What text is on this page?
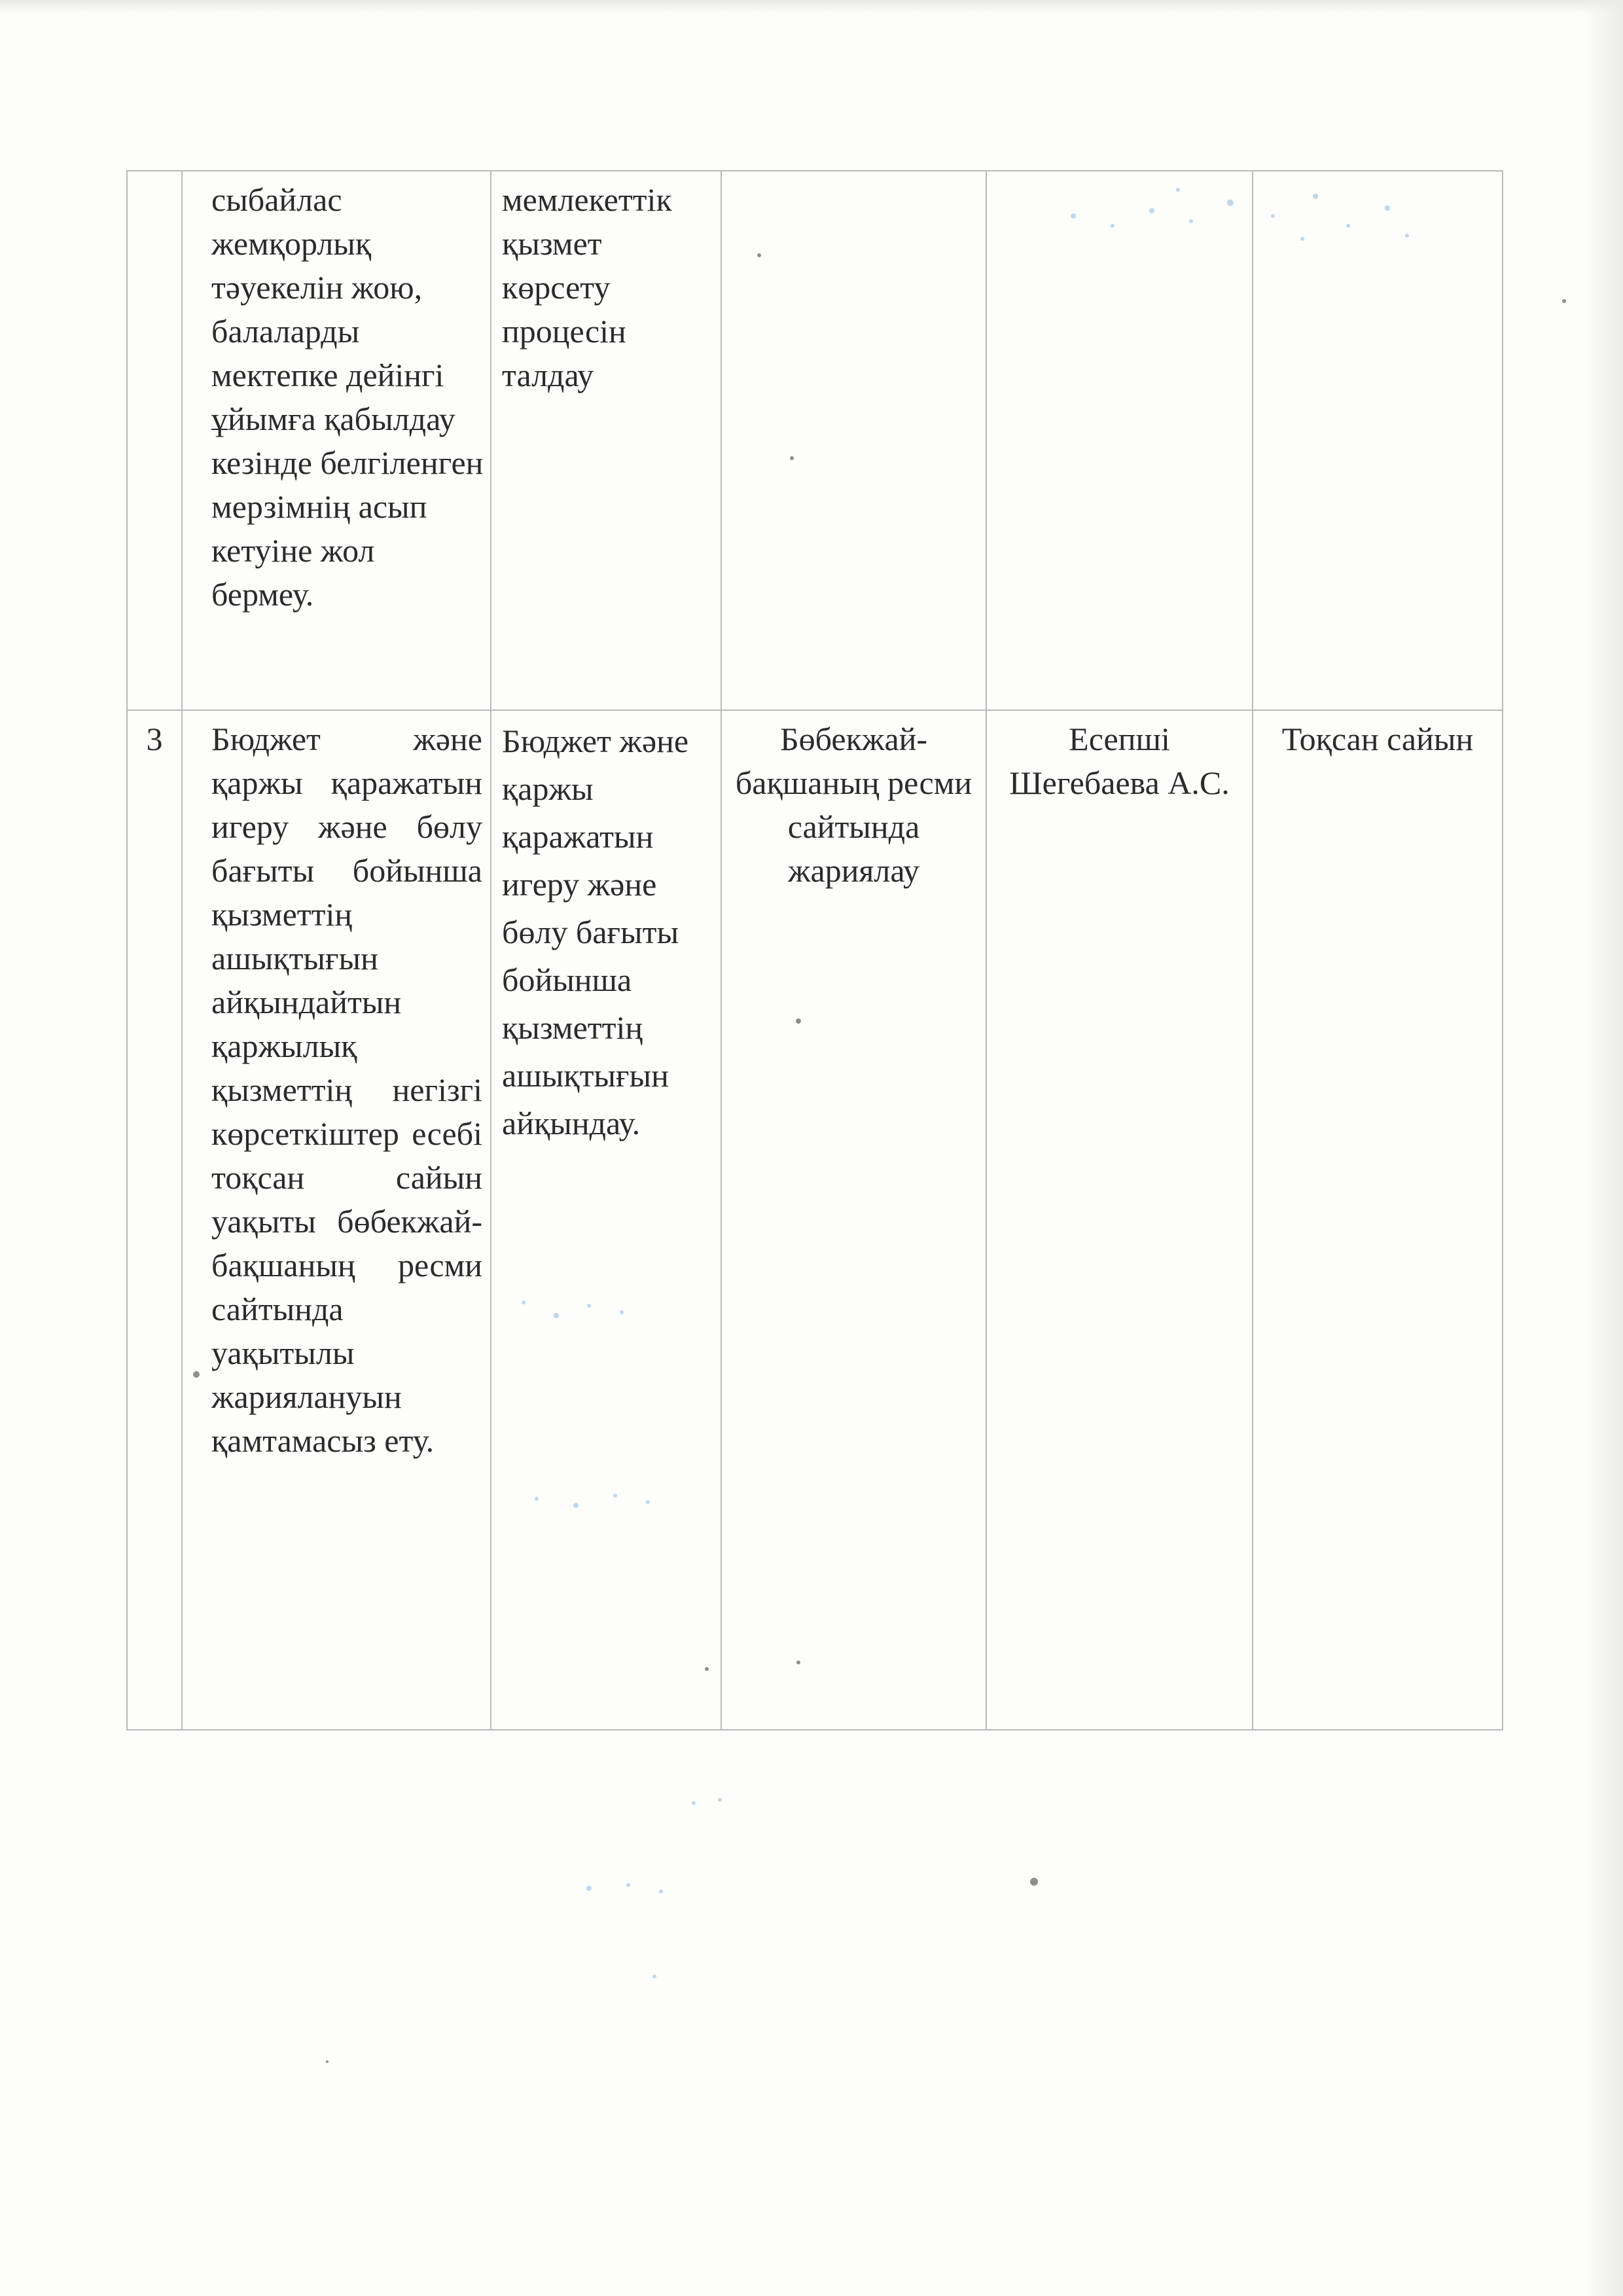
	сыбайлас жемқорлық тәуекелін жою, балаларды мектепке дейінгі ұйымға қабылдау кезінде белгіленген мерзімнің асып кетуіне жол бермеу.	мемлекеттік қызмет көрсету процесін талдау			

3	Бюджет және қаржы қаражатын игеру және бөлу бағыты бойынша қызметтің ашықтығын айқындайтын қаржылық қызметтің негізгі көрсеткіштер есебі тоқсан сайын уақыты бөбекжай-бақшаның ресми сайтында уақытылы жариялануын қамтамасыз ету.	Бюджет және қаржы қаражатын игеру және бөлу бағыты бойынша қызметтің ашықтығын айқындау.	Бөбекжай-бақшаның ресми сайтында жариялау	Есепші Шегебаева А.С.	Тоқсан сайын
